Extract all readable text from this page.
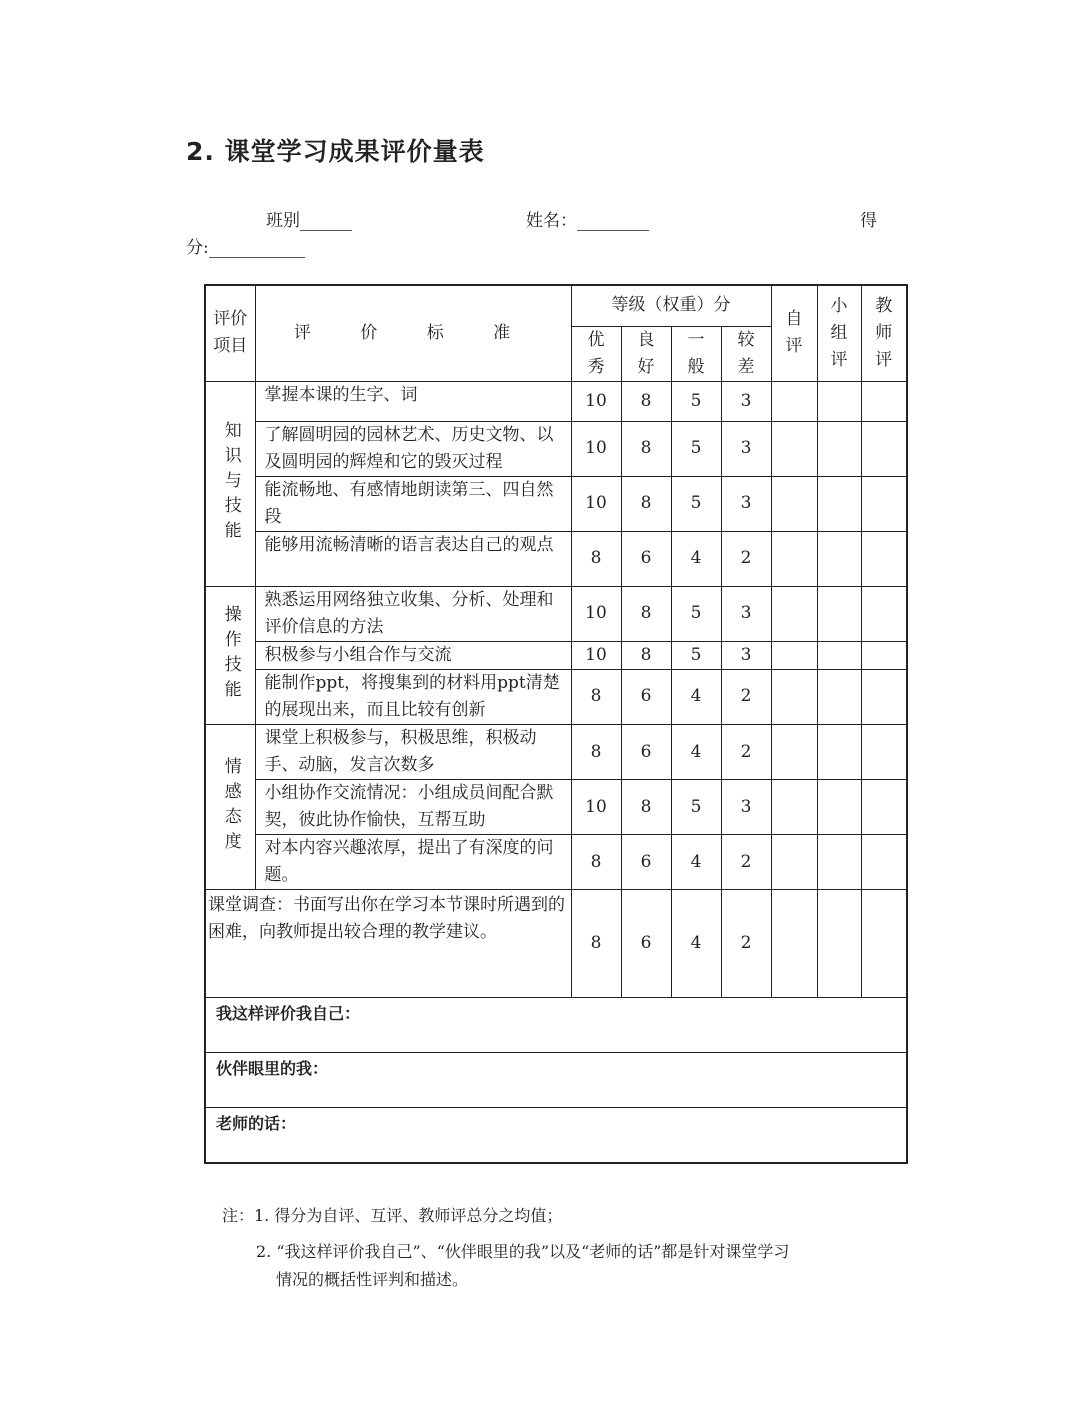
2. 课堂学习成果评价量表
班别	姓名：	得
分:
评价项目	评 价 标 准	等级（权重）分				自评	小组评	教师评

		优秀	良好	一般	较差			

知识与技能	掌握本课的生字、词	10	8	5	3			
	了解圆明园的园林艺术、历史文物、以及圆明园的辉煌和它的毁灭过程	10	8	5	3			
	能流畅地、有感情地朗读第三、四自然段	10	8	5	3			
	能够用流畅清晰的语言表达自己的观点	8	6	4	2			
操作技能	熟悉运用网络独立收集、分析、处理和评价信息的方法	10	8	5	3			
	积极参与小组合作与交流	10	8	5	3			
	能制作ppt，将搜集到的材料用ppt清楚的展现出来，而且比较有创新	8	6	4	2			
情感态度	课堂上积极参与，积极思维，积极动手、动脑，发言次数多	8	6	4	2			
	小组协作交流情况：小组成员间配合默契，彼此协作愉快，互帮互助	10	8	5	3			
	对本内容兴趣浓厚，提出了有深度的问题。	8	6	4	2			
课堂调查：书面写出你在学习本节课时所遇到的困难，向教师提出较合理的教学建议。		8	6	4	2			
我这样评价我自己：								
伙伴眼里的我：								
老师的话：								
注：1. 得分为自评、互评、教师评总分之均值；
2. “我这样评价我自己”、“伙伴眼里的我”以及“老师的话”都是针对课堂学习
情况的概括性评判和描述。
